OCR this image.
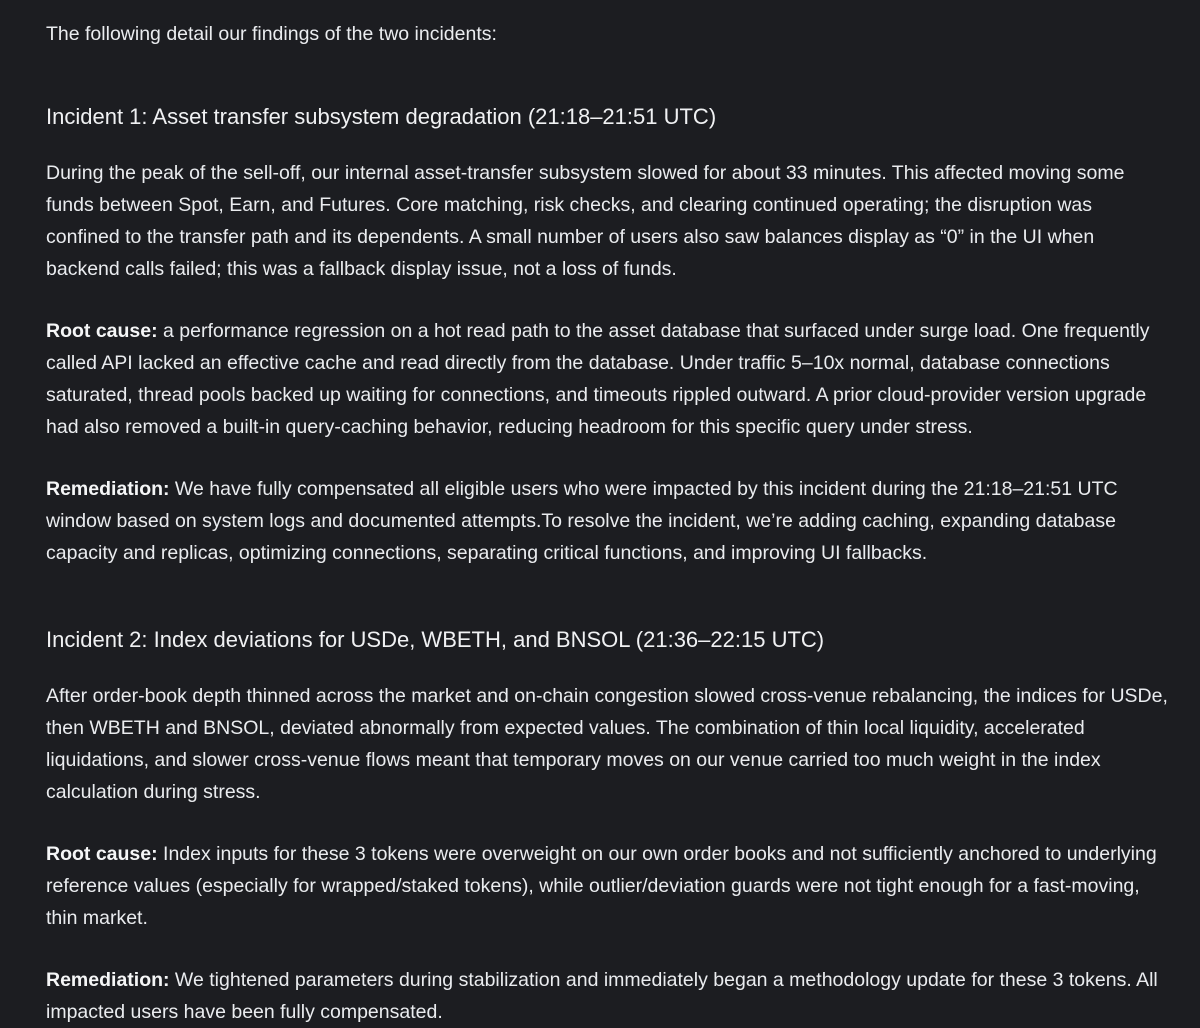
The following detail our findings of the two incidents:

Incident 1: Asset transfer subsystem degradation (21:18–21:51 UTC)

During the peak of the sell-off, our internal asset-transfer subsystem slowed for about 33 minutes. This affected moving some funds between Spot, Earn, and Futures. Core matching, risk checks, and clearing continued operating; the disruption was confined to the transfer path and its dependents. A small number of users also saw balances display as “0” in the UI when backend calls failed; this was a fallback display issue, not a loss of funds.

Root cause: a performance regression on a hot read path to the asset database that surfaced under surge load. One frequently called API lacked an effective cache and read directly from the database. Under traffic 5–10x normal, database connections saturated, thread pools backed up waiting for connections, and timeouts rippled outward. A prior cloud-provider version upgrade had also removed a built-in query-caching behavior, reducing headroom for this specific query under stress.

Remediation: We have fully compensated all eligible users who were impacted by this incident during the 21:18–21:51 UTC window based on system logs and documented attempts.To resolve the incident, we’re adding caching, expanding database capacity and replicas, optimizing connections, separating critical functions, and improving UI fallbacks.

Incident 2: Index deviations for USDe, WBETH, and BNSOL (21:36–22:15 UTC)

After order-book depth thinned across the market and on-chain congestion slowed cross-venue rebalancing, the indices for USDe, then WBETH and BNSOL, deviated abnormally from expected values. The combination of thin local liquidity, accelerated liquidations, and slower cross-venue flows meant that temporary moves on our venue carried too much weight in the index calculation during stress.

Root cause: Index inputs for these 3 tokens were overweight on our own order books and not sufficiently anchored to underlying reference values (especially for wrapped/staked tokens), while outlier/deviation guards were not tight enough for a fast-moving, thin market.

Remediation: We tightened parameters during stabilization and immediately began a methodology update for these 3 tokens. All impacted users have been fully compensated.
